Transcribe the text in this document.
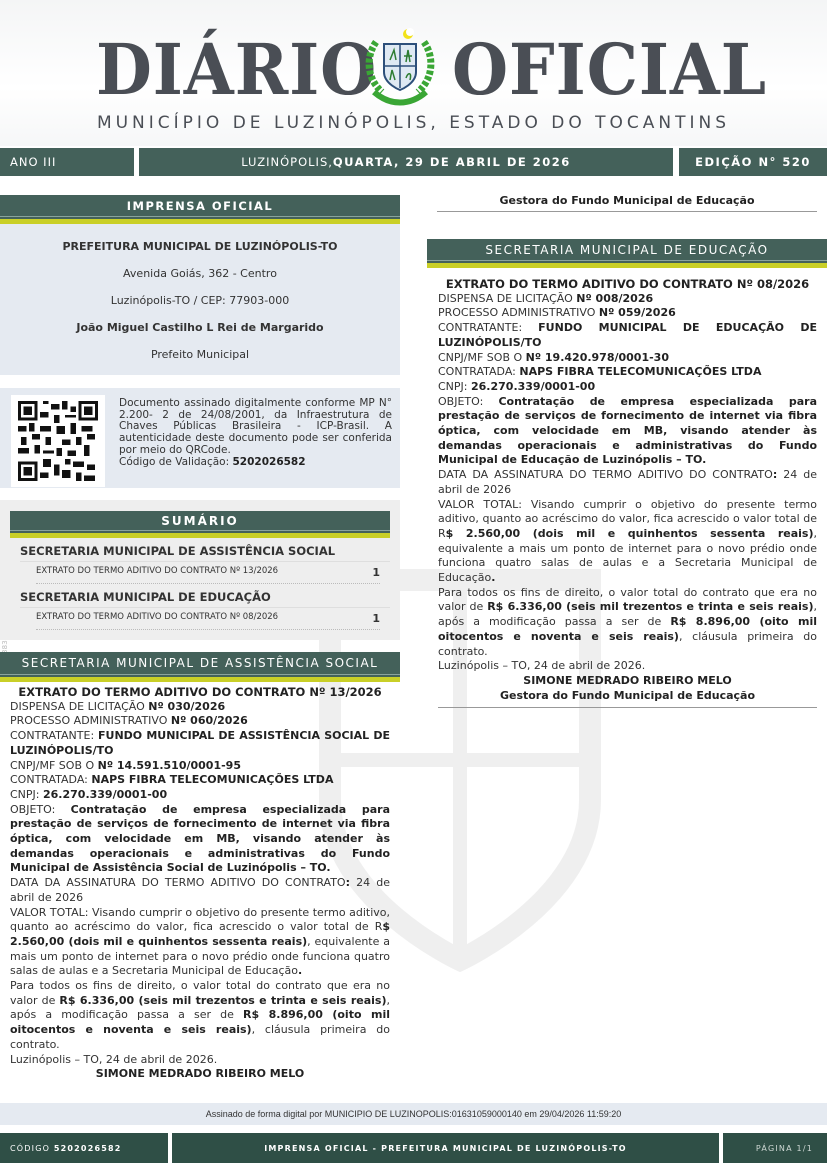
DIÁRIO OFICIAL
MUNICÍPIO DE LUZINÓPOLIS, ESTADO DO TOCANTINS
ANO III	LUZINÓPOLIS, QUARTA, 29 DE ABRIL DE 2026	EDIÇÃO N° 520
IMPRENSA OFICIAL

PREFEITURA MUNICIPAL DE LUZINÓPOLIS-TO

Avenida Goiás, 362 - Centro

Luzinópolis-TO / CEP: 77903-000

João Miguel Castilho L Rei de Margarido

Prefeito Municipal

Documento assinado digitalmente conforme MP N° 2.200- 2 de 24/08/2001, da Infraestrutura de Chaves Públicas Brasileira - ICP-Brasil. A autenticidade deste documento pode ser conferida por meio do QRCode.
Código de Validação: 5202026582
SUMÁRIO
SECRETARIA MUNICIPAL DE ASSISTÊNCIA SOCIAL
EXTRATO DO TERMO ADITIVO DO CONTRATO Nº 13/2026	1
SECRETARIA MUNICIPAL DE EDUCAÇÃO
EXTRATO DO TERMO ADITIVO DO CONTRATO Nº 08/2026	1
SECRETARIA MUNICIPAL DE ASSISTÊNCIA SOCIAL
EXTRATO DO TERMO ADITIVO DO CONTRATO Nº 13/2026
DISPENSA DE LICITAÇÃO Nº 030/2026
PROCESSO ADMINISTRATIVO Nº 060/2026
CONTRATANTE: FUNDO MUNICIPAL DE ASSISTÊNCIA SOCIAL DE LUZINÓPOLIS/TO
CNPJ/MF SOB O Nº 14.591.510/0001-95
CONTRATADA: NAPS FIBRA TELECOMUNICAÇÕES LTDA
CNPJ: 26.270.339/0001-00
OBJETO: Contratação de empresa especializada para prestação de serviços de fornecimento de internet via fibra óptica, com velocidade em MB, visando atender às demandas operacionais e administrativas do Fundo Municipal de Assistência Social de Luzinópolis – TO.
DATA DA ASSINATURA DO TERMO ADITIVO DO CONTRATO: 24 de abril de 2026
VALOR TOTAL: Visando cumprir o objetivo do presente termo aditivo, quanto ao acréscimo do valor, fica acrescido o valor total de R$ 2.560,00 (dois mil e quinhentos sessenta reais), equivalente a mais um ponto de internet para o novo prédio onde funciona quatro salas de aulas e a Secretaria Municipal de Educação.
Para todos os fins de direito, o valor total do contrato que era no valor de R$ 6.336,00 (seis mil trezentos e trinta e seis reais), após a modificação passa a ser de R$ 8.896,00 (oito mil oitocentos e noventa e seis reais), cláusula primeira do contrato.
Luzinópolis – TO, 24 de abril de 2026.
SIMONE MEDRADO RIBEIRO MELO
Gestora do Fundo Municipal de Educação
SECRETARIA MUNICIPAL DE EDUCAÇÃO
EXTRATO DO TERMO ADITIVO DO CONTRATO Nº 08/2026
DISPENSA DE LICITAÇÃO Nº 008/2026
PROCESSO ADMINISTRATIVO Nº 059/2026
CONTRATANTE: FUNDO MUNICIPAL DE EDUCAÇÃO DE LUZINÓPOLIS/TO
CNPJ/MF SOB O Nº 19.420.978/0001-30
CONTRATADA: NAPS FIBRA TELECOMUNICAÇÕES LTDA
CNPJ: 26.270.339/0001-00
OBJETO: Contratação de empresa especializada para prestação de serviços de fornecimento de internet via fibra óptica, com velocidade em MB, visando atender às demandas operacionais e administrativas do Fundo Municipal de Educação de Luzinópolis – TO.
DATA DA ASSINATURA DO TERMO ADITIVO DO CONTRATO: 24 de abril de 2026
VALOR TOTAL: Visando cumprir o objetivo do presente termo aditivo, quanto ao acréscimo do valor, fica acrescido o valor total de R$ 2.560,00 (dois mil e quinhentos sessenta reais), equivalente a mais um ponto de internet para o novo prédio onde funciona quatro salas de aulas e a Secretaria Municipal de Educação.
Para todos os fins de direito, o valor total do contrato que era no valor de R$ 6.336,00 (seis mil trezentos e trinta e seis reais), após a modificação passa a ser de R$ 8.896,00 (oito mil oitocentos e noventa e seis reais), cláusula primeira do contrato.
Luzinópolis – TO, 24 de abril de 2026.
SIMONE MEDRADO RIBEIRO MELO
Gestora do Fundo Municipal de Educação
Assinado de forma digital por MUNICIPIO DE LUZINOPOLIS:01631059000140 em 29/04/2026 11:59:20
CÓDIGO
5202026582	IMPRENSA OFICIAL - PREFEITURA MUNICIPAL DE LUZINÓPOLIS-TO	PÁGINA 1/1
